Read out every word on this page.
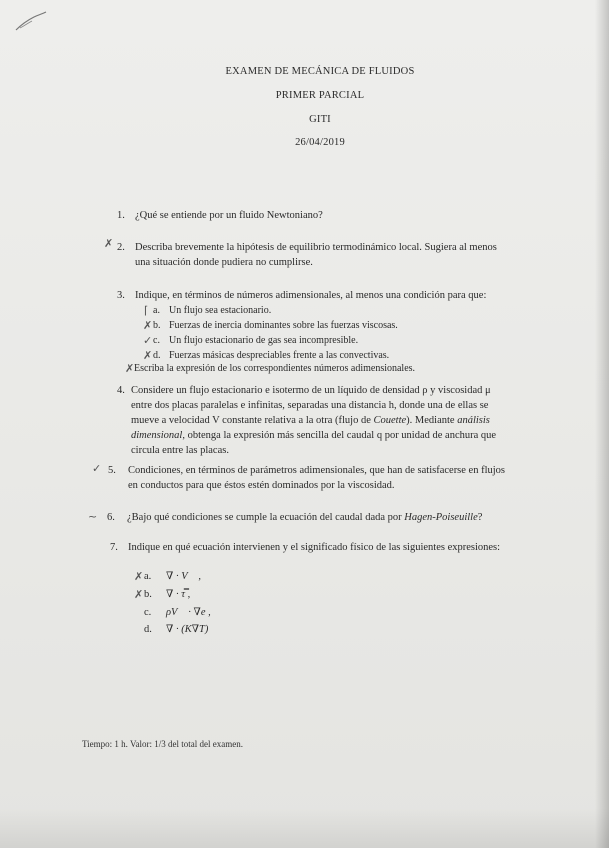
EXAMEN DE MECÁNICA DE FLUIDOS
PRIMER PARCIAL
GITI
26/04/2019
1. ¿Qué se entiende por un fluido Newtoniano?
✗ 2. Describa brevemente la hipótesis de equilibrio termodinámico local. Sugiera al menos
una situación donde pudiera no cumplirse.
3. Indique, en términos de números adimensionales, al menos una condición para que:
⌈ a. Un flujo sea estacionario.
✗ b. Fuerzas de inercia dominantes sobre las fuerzas viscosas.
✓ c. Un flujo estacionario de gas sea incompresible.
✗ d. Fuerzas másicas despreciables frente a las convectivas.
✗ Escriba la expresión de los correspondientes números adimensionales.
4. Considere un flujo estacionario e isotermo de un líquido de densidad ρ y viscosidad μ
entre dos placas paralelas e infinitas, separadas una distancia h, donde una de ellas se
mueve a velocidad V constante relativa a la otra (flujo de Couette). Mediante análisis
dimensional, obtenga la expresión más sencilla del caudal q por unidad de anchura que
circula entre las placas.
✓ 5. Condiciones, en términos de parámetros adimensionales, que han de satisfacerse en flujos
en conductos para que éstos estén dominados por la viscosidad.
~ 6. ¿Bajo qué condiciones se cumple la ecuación del caudal dada por Hagen-Poiseuille?
7. Indique en qué ecuación intervienen y el significado físico de las siguientes expresiones:
✗ a. ∇ · V⃗ ,
✗ b. ∇ · τ̿ ,
c. ρV⃗ · ∇e ,
d. ∇ · (K∇T)
Tiempo: 1 h. Valor: 1/3 del total del examen.
